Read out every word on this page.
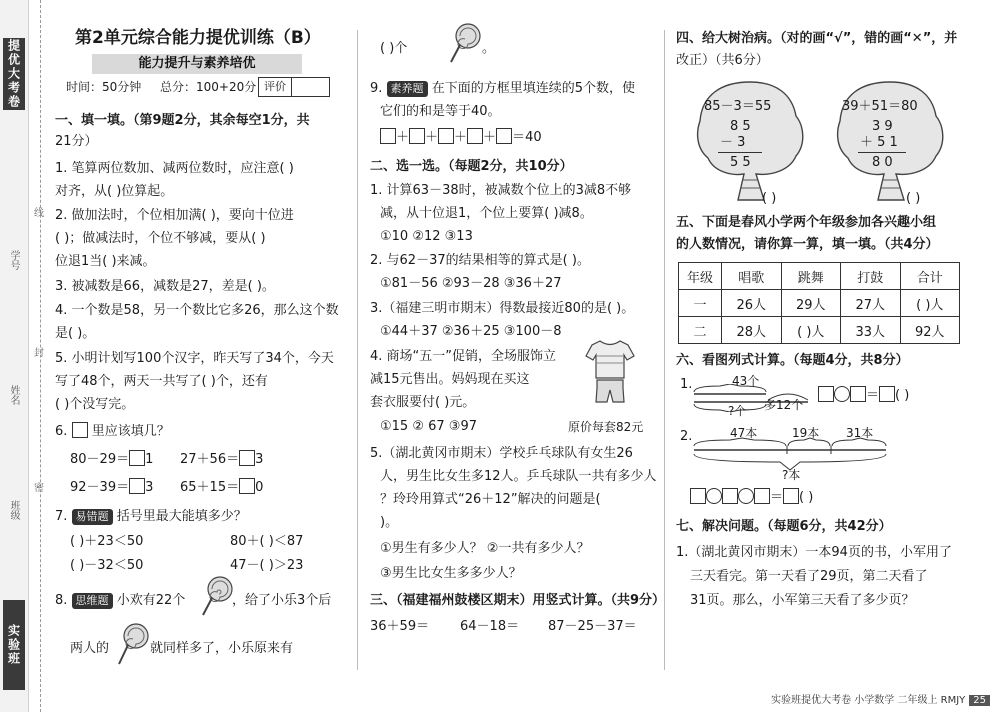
提优大考卷
实验班
学号
姓名
班级
线
封
密
第2单元综合能力提优训练（B）
能力提升与素养培优
时间：50分钟 总分：100+20分 评价
一、填一填。（第9题2分，其余每空1分，共
21分）
1. 笔算两位数加、减两位数时，应注意( )
对齐，从( )位算起。
2. 做加法时，个位相加满( )，要向十位进
( )；做减法时，个位不够减，要从( )
位退1当( )来减。
3. 被减数是66，减数是27，差是( )。
4. 一个数是58，另一个数比它多26，那么这个数
是( )。
5. 小明计划写100个汉字，昨天写了34个，今天
写了48个，两天一共写了( )个，还有
( )个没写完。
6. 里应该填几？
80－29＝ 1 27＋56＝ 3
92－39＝ 3 65＋15＝ 0
7. 易错题 括号里最大能填多少？
( )＋23＜50	80＋( )＜87
( )－32＜50	47－( )＞23
8. 思维题 小欢有22个	，给了小乐3个后
两人的	就同样多了，小乐原来有
( )个	。
9. 素养题 在下面的方框里填连续的5个数，使
它们的和是等于40。
＋ ＋ ＋ ＋ ＝40
二、选一选。（每题2分，共10分）
1. 计算63－38时，被减数个位上的3减8不够
减，从十位退1，个位上要算( )减8。
①10 ②12 ③13
2. 与62－37的结果相等的算式是( )。
①81－56 ②93－28 ③36＋27
3.（福建三明市期末）得数最接近80的是( )。
①44＋37 ②36＋25 ③100－8
4. 商场“五一”促销，全场服饰立
减15元售出。妈妈现在买这
套衣服要付( )元。
①15 ② 67 ③97	原价每套82元
5.（湖北黄冈市期末）学校乒乓球队有女生26
人，男生比女生多12人。乒乓球队一共有多少人
？玲玲用算式“26＋12”解决的问题是(
)。
①男生有多少人？ ②一共有多少人？
③男生比女生多多少人？
三、（福建福州鼓楼区期末）用竖式计算。（共9分）
36＋59＝ 64－18＝ 87－25－37＝
四、给大树治病。（对的画“√”，错的画“✕”，并
改正）（共6分）
85－3＝55
8 5
－ 3
5 5
( )
39＋51＝80
3 9
＋ 5 1
8 0
( )
五、下面是春风小学两个年级参加各兴趣小组
的人数情况，请你算一算，填一填。（共4分）
年级	唱歌	跳舞	打鼓	合计
一	26人	29人	27人	( )人
二	28人	( )人	33人	92人
六、看图列式计算。（每题4分，共8分）
1.	43个
?个 多12个
＝ ( )
2.	47本	19本 31本
?本
＝ ( )
七、解决问题。（每题6分，共42分）
1.（湖北黄冈市期末）一本94页的书，小军用了
三天看完。第一天看了29页，第二天看了
31页。那么，小军第三天看了多少页？
实验班提优大考卷 小学数学 二年级上 RMJY 25
